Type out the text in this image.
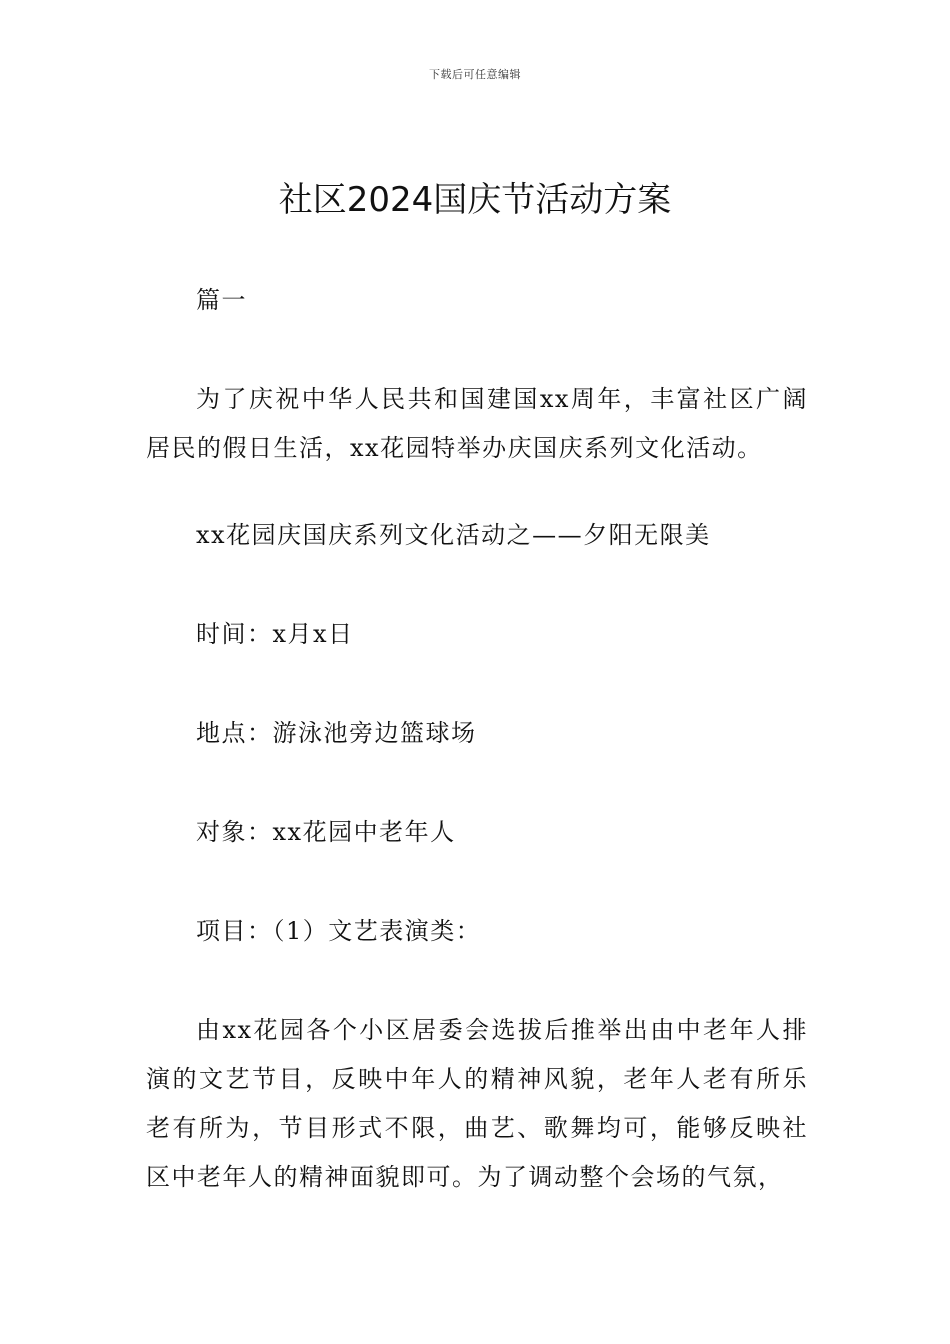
下载后可任意编辑
社区2024国庆节活动方案

篇一

为了庆祝中华人民共和国建国xx周年，丰富社区广阔居民的假日生活，xx花园特举办庆国庆系列文化活动。

xx花园庆国庆系列文化活动之——夕阳无限美

时间：x月x日

地点：游泳池旁边篮球场

对象：xx花园中老年人

项目：（1）文艺表演类：

由xx花园各个小区居委会选拔后推举出由中老年人排演的文艺节目，反映中年人的精神风貌，老年人老有所乐老有所为，节目形式不限，曲艺、歌舞均可，能够反映社区中老年人的精神面貌即可。为了调动整个会场的气氛，
